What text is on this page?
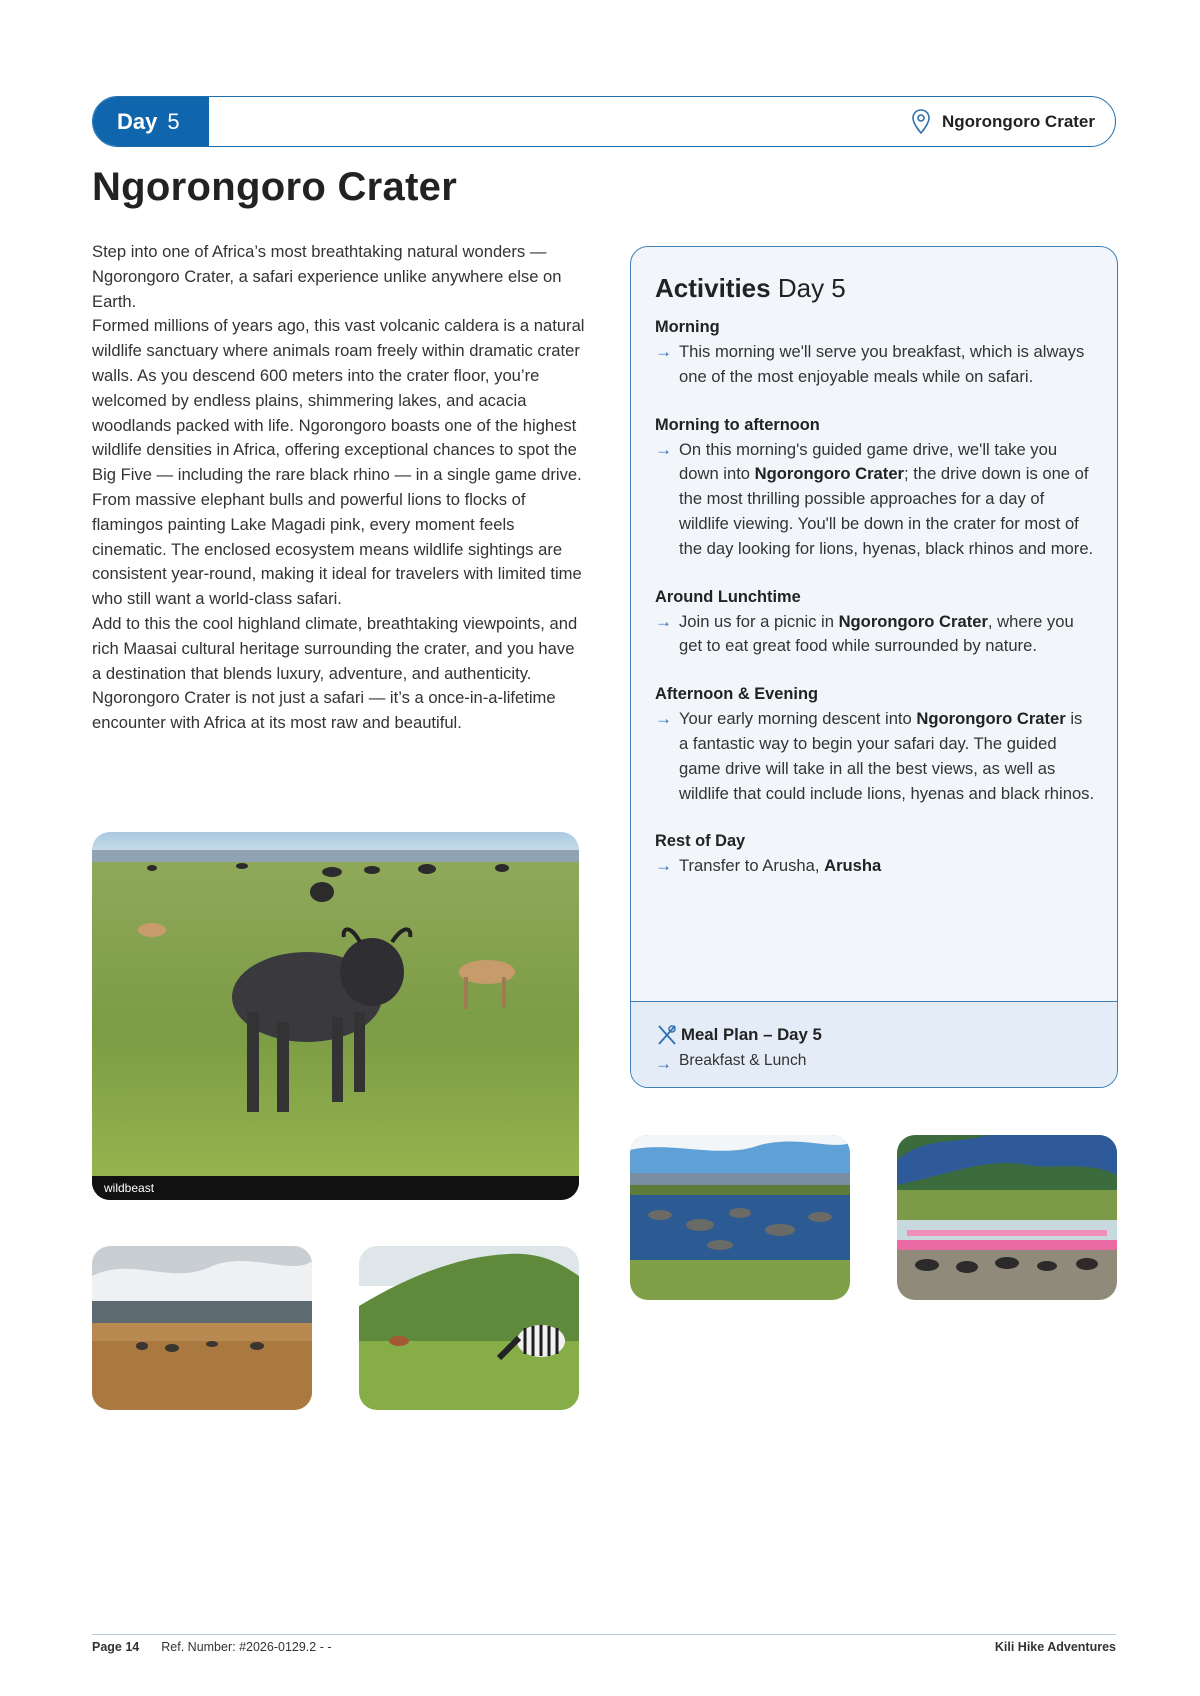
Day 5	Ngorongoro Crater
Ngorongoro Crater

Step into one of Africa’s most breathtaking natural wonders — Ngorongoro Crater, a safari experience unlike anywhere else on Earth.

Formed millions of years ago, this vast volcanic caldera is a natural wildlife sanctuary where animals roam freely within dramatic crater walls. As you descend 600 meters into the crater floor, you’re welcomed by endless plains, shimmering lakes, and acacia woodlands packed with life. Ngorongoro boasts one of the highest wildlife densities in Africa, offering exceptional chances to spot the Big Five — including the rare black rhino — in a single game drive.

From massive elephant bulls and powerful lions to flocks of flamingos painting Lake Magadi pink, every moment feels cinematic. The enclosed ecosystem means wildlife sightings are consistent year-round, making it ideal for travelers with limited time who still want a world-class safari.

Add to this the cool highland climate, breathtaking viewpoints, and rich Maasai cultural heritage surrounding the crater, and you have a destination that blends luxury, adventure, and authenticity. Ngorongoro Crater is not just a safari — it’s a once-in-a-lifetime encounter with Africa at its most raw and beautiful.

wildbeast
Activities Day 5
Morning
→ This morning we'll serve you breakfast, which is always one of the most enjoyable meals while on safari.
Morning to afternoon
→ On this morning's guided game drive, we'll take you down into Ngorongoro Crater; the drive down is one of the most thrilling possible approaches for a day of wildlife viewing. You'll be down in the crater for most of the day looking for lions, hyenas, black rhinos and more.
Around Lunchtime
→ Join us for a picnic in Ngorongoro Crater, where you get to eat great food while surrounded by nature.
Afternoon & Evening
→ Your early morning descent into Ngorongoro Crater is a fantastic way to begin your safari day. The guided game drive will take in all the best views, as well as wildlife that could include lions, hyenas and black rhinos.
Rest of Day
→ Transfer to Arusha, Arusha
Meal Plan – Day 5
→ Breakfast & Lunch
Page 14 Ref. Number: #2026-0129.2 - -	Kili Hike Adventures
